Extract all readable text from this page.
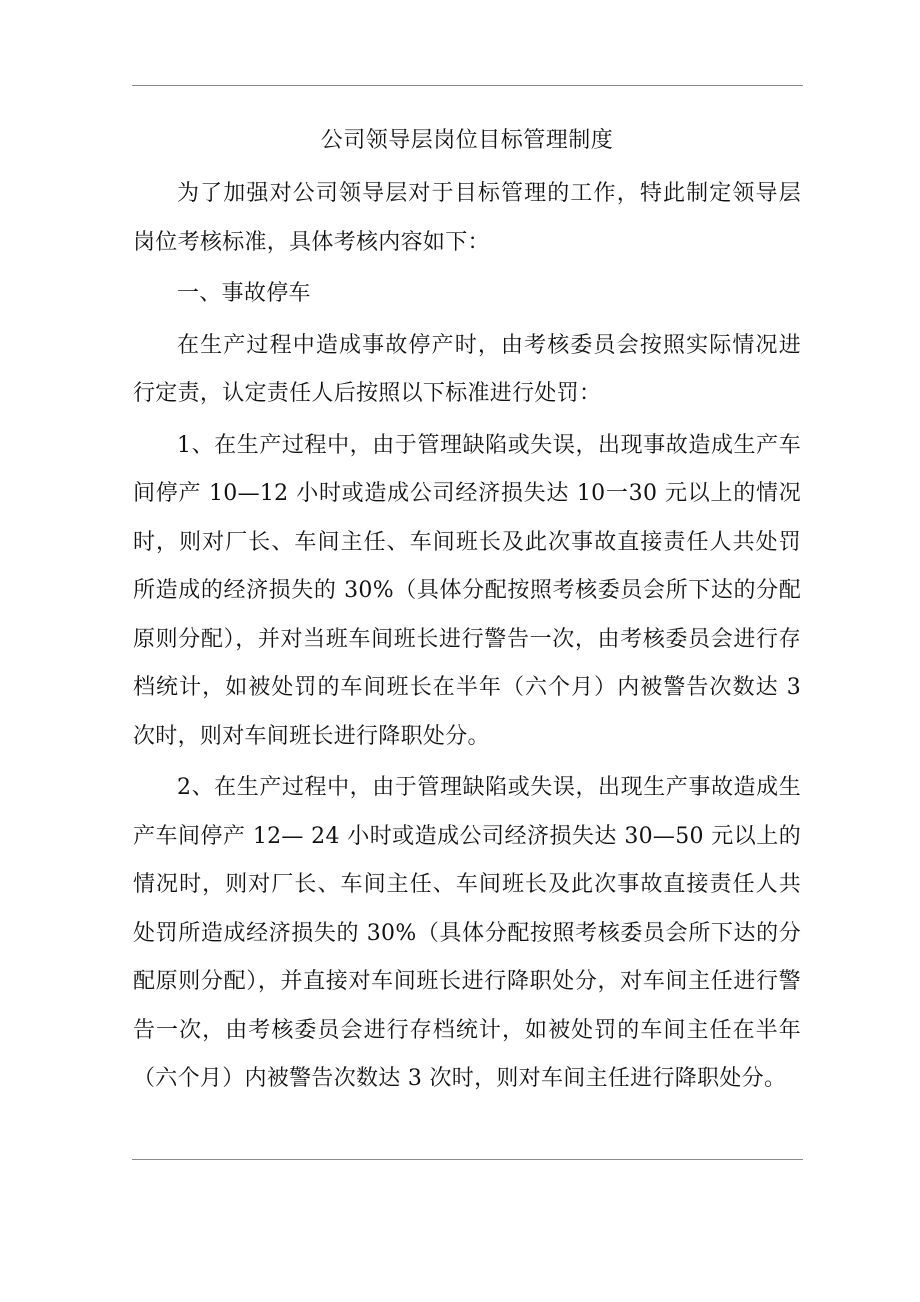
公司领导层岗位目标管理制度

为了加强对公司领导层对于目标管理的工作，特此制定领导层岗位考核标准，具体考核内容如下：

一、事故停车

在生产过程中造成事故停产时，由考核委员会按照实际情况进行定责，认定责任人后按照以下标准进行处罚：

1、在生产过程中，由于管理缺陷或失误，出现事故造成生产车间停产 10—12 小时或造成公司经济损失达 10一30 元以上的情况时，则对厂长、车间主任、车间班长及此次事故直接责任人共处罚所造成的经济损失的 30%（具体分配按照考核委员会所下达的分配原则分配），并对当班车间班长进行警告一次，由考核委员会进行存档统计，如被处罚的车间班长在半年（六个月）内被警告次数达 3 次时，则对车间班长进行降职处分。

2、在生产过程中，由于管理缺陷或失误，出现生产事故造成生产车间停产 12— 24 小时或造成公司经济损失达 30—50 元以上的情况时，则对厂长、车间主任、车间班长及此次事故直接责任人共处罚所造成经济损失的 30%（具体分配按照考核委员会所下达的分配原则分配），并直接对车间班长进行降职处分，对车间主任进行警告一次，由考核委员会进行存档统计，如被处罚的车间主任在半年（六个月）内被警告次数达 3 次时，则对车间主任进行降职处分。
